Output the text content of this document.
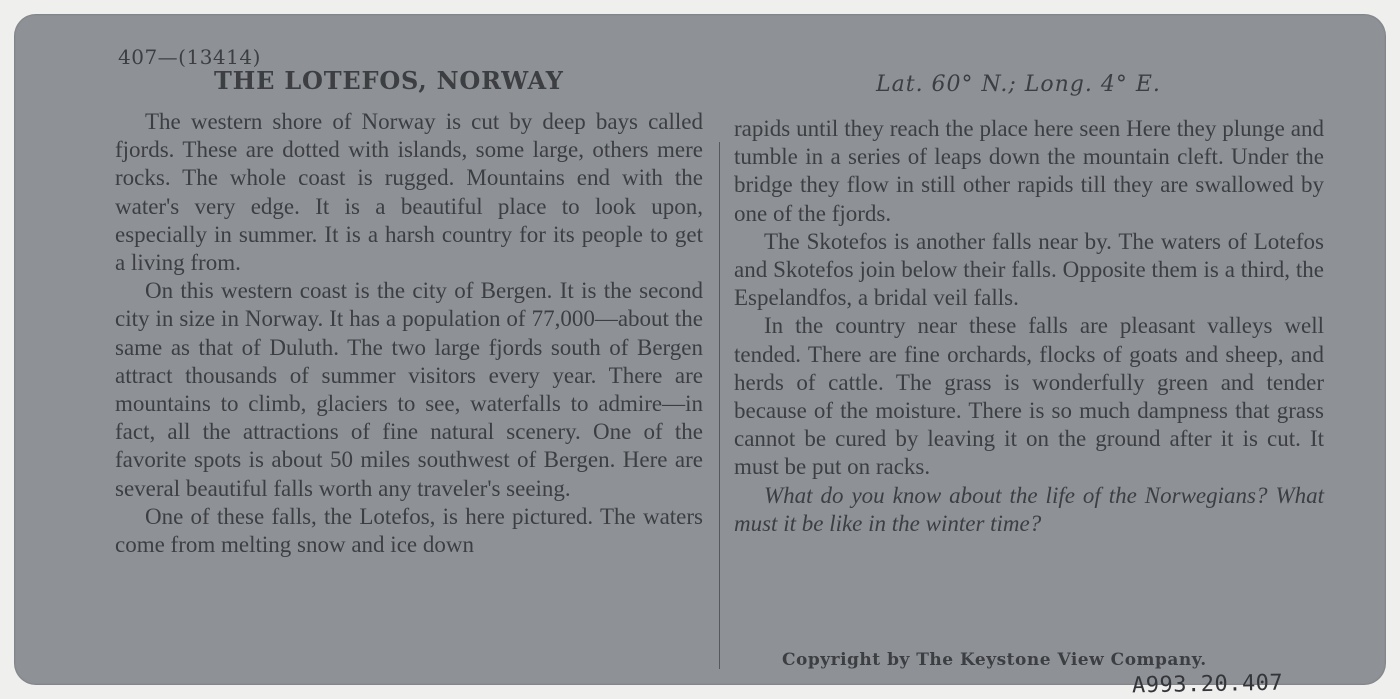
407—(13414)
THE LOTEFOS, NORWAY	Lat. 60° N.; Long. 4° E.

The western shore of Norway is cut by deep bays called fjords. These are dotted with islands, some large, others mere rocks. The whole coast is rugged. Mountains end with the water's very edge. It is a beautiful place to look upon, especially in summer. It is a harsh country for its people to get a living from.

On this western coast is the city of Bergen. It is the second city in size in Norway. It has a population of 77,000—about the same as that of Duluth. The two large fjords south of Bergen attract thousands of summer visitors every year. There are mountains to climb, glaciers to see, waterfalls to admire—in fact, all the attractions of fine natural scenery. One of the favorite spots is about 50 miles southwest of Bergen. Here are several beautiful falls worth any traveler's seeing.

One of these falls, the Lotefos, is here pictured. The waters come from melting snow and ice down

rapids until they reach the place here seen Here they plunge and tumble in a series of leaps down the mountain cleft. Under the bridge they flow in still other rapids till they are swallowed by one of the fjords.

The Skotefos is another falls near by. The waters of Lotefos and Skotefos join below their falls. Opposite them is a third, the Espelandfos, a bridal veil falls.

In the country near these falls are pleasant valleys well tended. There are fine orchards, flocks of goats and sheep, and herds of cattle. The grass is wonderfully green and tender because of the moisture. There is so much dampness that grass cannot be cured by leaving it on the ground after it is cut. It must be put on racks.

What do you know about the life of the Norwegians? What must it be like in the winter time?

Copyright by The Keystone View Company.
A993.20.407
